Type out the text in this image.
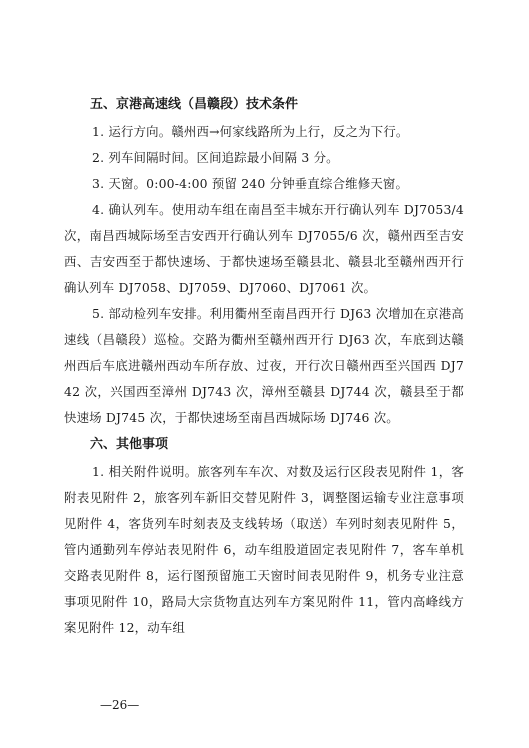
五、京港高速线（昌赣段）技术条件

1. 运行方向。赣州西→何家线路所为上行，反之为下行。

2. 列车间隔时间。区间追踪最小间隔 3 分。

3. 天窗。0:00-4:00 预留 240 分钟垂直综合维修天窗。

4. 确认列车。使用动车组在南昌至丰城东开行确认列车 DJ7053/4 次，南昌西城际场至吉安西开行确认列车 DJ7055/6 次，赣州西至吉安西、吉安西至于都快速场、于都快速场至赣县北、赣县北至赣州西开行确认列车 DJ7058、DJ7059、DJ7060、DJ7061 次。

5. 部动检列车安排。利用衢州至南昌西开行 DJ63 次增加在京港高速线（昌赣段）巡检。交路为衢州至赣州西开行 DJ63 次，车底到达赣州西后车底进赣州西动车所存放、过夜，开行次日赣州西至兴国西 DJ742 次，兴国西至漳州 DJ743 次，漳州至赣县 DJ744 次，赣县至于都快速场 DJ745 次，于都快速场至南昌西城际场 DJ746 次。

六、其他事项

1. 相关附件说明。旅客列车车次、对数及运行区段表见附件 1，客附表见附件 2，旅客列车新旧交替见附件 3，调整图运输专业注意事项见附件 4，客货列车时刻表及支线转场（取送）车列时刻表见附件 5，管内通勤列车停站表见附件 6，动车组股道固定表见附件 7，客车单机交路表见附件 8，运行图预留施工天窗时间表见附件 9，机务专业注意事项见附件 10，路局大宗货物直达列车方案见附件 11，管内高峰线方案见附件 12，动车组

—26—
